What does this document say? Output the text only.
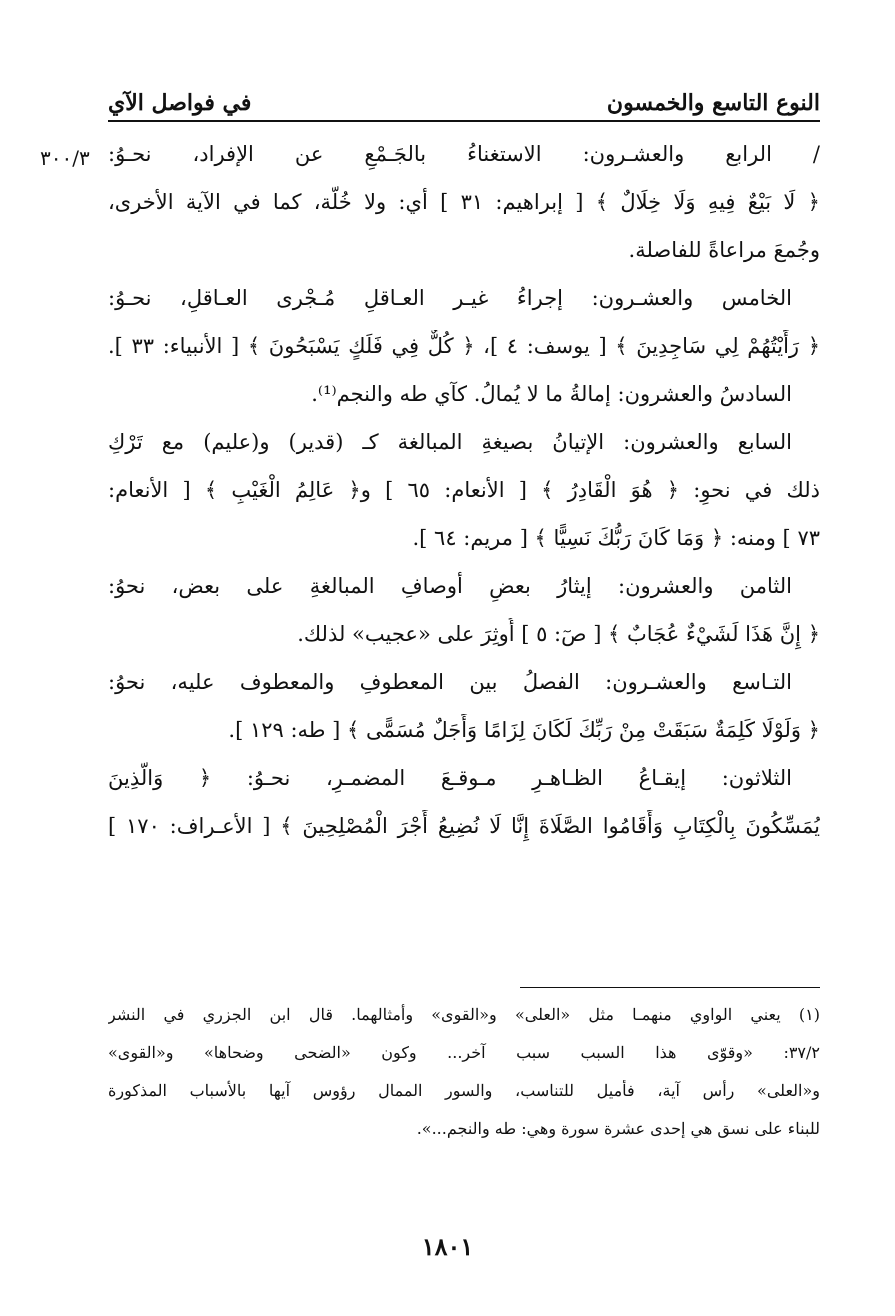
النوع التاسع والخمسون
في فواصل الآي
٣٠٠/٣ / الرابع والعشـرون: الاستغناءُ بالجَـمْعِ عن الإفراد، نحـوُ:
﴿ لَا بَيْعٌ فِيهِ وَلَا خِلَالٌ ﴾ [ إبراهيم: ٣١ ] أي: ولا خُلَّة، كما في الآية الأخرى،
وجُمعَ مراعاةً للفاصلة.
الخامس والعشـرون: إجراءُ غيـر العـاقلِ مُـجْرى العـاقلِ، نحـوُ:
﴿ رَأَيْتُهُمْ لِي سَاجِدِينَ ﴾ [ يوسف: ٤ ]، ﴿ كُلٌّ فِي فَلَكٍ يَسْبَحُونَ ﴾ [ الأنبياء: ٣٣ ].
السادسُ والعشرون: إمالةُ ما لا يُمالُ. كآي طه والنجم⁽¹⁾.
السابع والعشرون: الإتيانُ بصيغةِ المبالغة كـ (قدير) و(عليم) مع تَرْكِ
ذلك في نحوِ: ﴿ هُوَ الْقَادِرُ ﴾ [ الأنعام: ٦٥ ] و﴿ عَالِمُ الْغَيْبِ ﴾ [ الأنعام:
٧٣ ] ومنه: ﴿ وَمَا كَانَ رَبُّكَ نَسِيًّا ﴾ [ مريم: ٦٤ ].
الثامن والعشرون: إيثارُ بعضِ أوصافِ المبالغةِ على بعض، نحوُ:
﴿ إِنَّ هَذَا لَشَيْءٌ عُجَابٌ ﴾ [ صٓ: ٥ ] أُوثِرَ على «عجيب» لذلك.
التـاسع والعشـرون: الفصلُ بين المعطوفِ والمعطوف عليه، نحوُ:
﴿ وَلَوْلَا كَلِمَةٌ سَبَقَتْ مِنْ رَبِّكَ لَكَانَ لِزَامًا وَأَجَلٌ مُسَمًّى ﴾ [ طه: ١٢٩ ].
الثلاثون: إيقـاعُ الظـاهـرِ مـوقـعَ المضمـرِ، نحـوُ: ﴿ وَالَّذِينَ
يُمَسِّكُونَ بِالْكِتَابِ وَأَقَامُوا الصَّلَاةَ إِنَّا لَا نُضِيعُ أَجْرَ الْمُصْلِحِينَ ﴾ [ الأعـراف: ١٧٠ ]
(١) يعني الواوي منهمـا مثل «العلى» و«القوى» وأمثالهما. قال ابن الجزري في النشر
٣٧/٢: «وقوّى هذا السبب سبب آخر... وكون «الضحى وضحاها» و«القوى»
و«العلى» رأس آية، فأُميل للتناسب، والسور الممال رؤوس آيها بالأسباب المذكورة
للبناء على نسق هي إحدى عشرة سورة وهي: طه والنجم...».
١٨٠١
